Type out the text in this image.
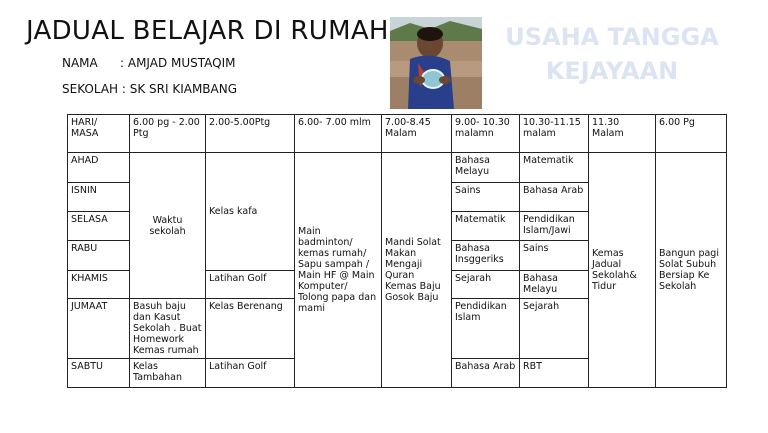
JADUAL BELAJAR DI RUMAH
NAMA : AMJAD MUSTAQIM
SEKOLAH : SK SRI KIAMBANG
USAHA TANGGA
KEJAYAAN
HARI/ MASA	6.00 pg - 2.00 Ptg	2.00-5.00Ptg	6.00- 7.00 mlm	7.00-8.45 Malam	9.00- 10.30 malamn	10.30-11.15 malam	11.30 Malam	6.00 Pg
AHAD	Waktu sekolah	Kelas kafa	Main badminton/ kemas rumah/ Sapu sampah / Main HF @ Main Komputer/ Tolong papa dan mami	Mandi Solat Makan Mengaji Quran Kemas Baju Gosok Baju	Bahasa Melayu	Matematik	Kemas Jadual Sekolah& Tidur	Bangun pagi Solat Subuh Bersiap Ke Sekolah
ISNIN					Sains	Bahasa Arab		
SELASA					Matematik	Pendidikan Islam/Jawi		
RABU					Bahasa Insggeriks	Sains		
KHAMIS		Latihan Golf			Sejarah	Bahasa Melayu		
JUMAAT	Basuh baju dan Kasut Sekolah . Buat Homework Kemas rumah	Kelas Berenang			Pendidikan Islam	Sejarah		
SABTU	Kelas Tambahan	Latihan Golf			Bahasa Arab	RBT		
